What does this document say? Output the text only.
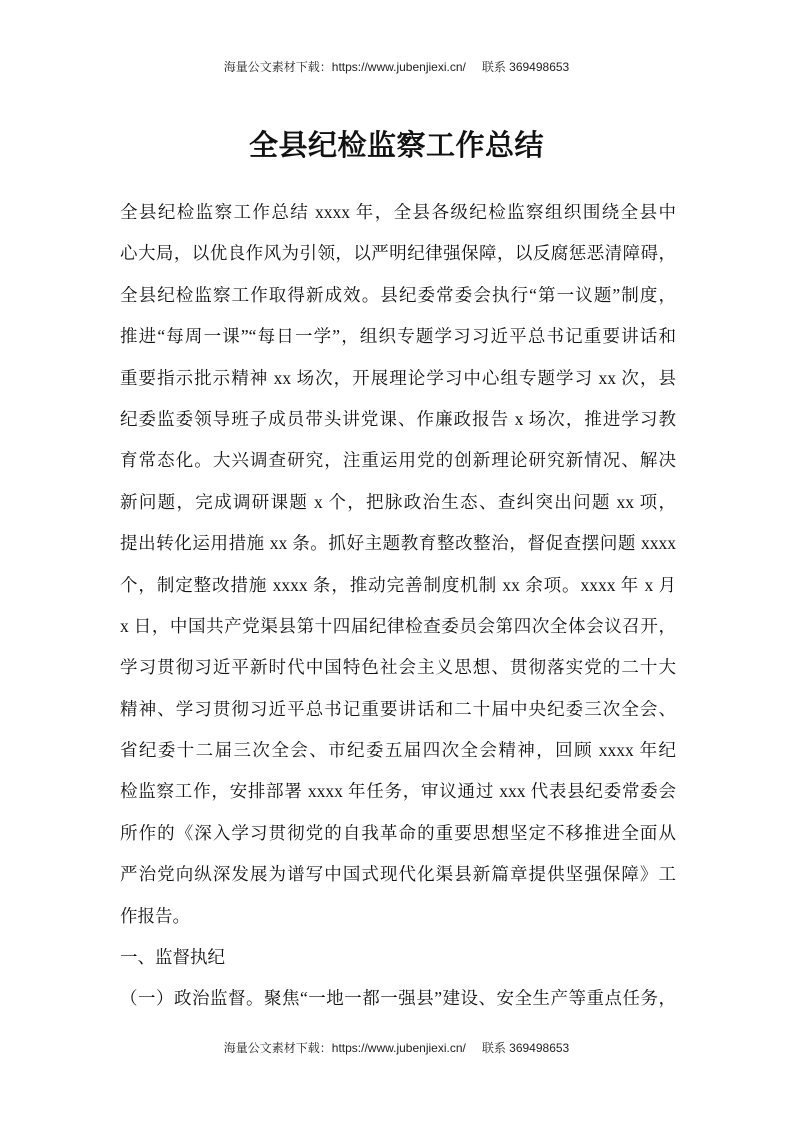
海量公文素材下载：https://www.jubenjiexi.cn/ 联系 369498653
全县纪检监察工作总结
全县纪检监察工作总结 xxxx 年，全县各级纪检监察组织围绕全县中
心大局，以优良作风为引领，以严明纪律强保障，以反腐惩恶清障碍，
全县纪检监察工作取得新成效。县纪委常委会执行“第一议题”制度，
推进“每周一课”“每日一学”，组织专题学习习近平总书记重要讲话和
重要指示批示精神 xx 场次，开展理论学习中心组专题学习 xx 次，县
纪委监委领导班子成员带头讲党课、作廉政报告 x 场次，推进学习教
育常态化。大兴调查研究，注重运用党的创新理论研究新情况、解决
新问题，完成调研课题 x 个，把脉政治生态、查纠突出问题 xx 项，
提出转化运用措施 xx 条。抓好主题教育整改整治，督促查摆问题 xxxx
个，制定整改措施 xxxx 条，推动完善制度机制 xx 余项。xxxx 年 x 月
x 日，中国共产党渠县第十四届纪律检查委员会第四次全体会议召开，
学习贯彻习近平新时代中国特色社会主义思想、贯彻落实党的二十大
精神、学习贯彻习近平总书记重要讲话和二十届中央纪委三次全会、
省纪委十二届三次全会、市纪委五届四次全会精神，回顾 xxxx 年纪
检监察工作，安排部署 xxxx 年任务，审议通过 xxx 代表县纪委常委会
所作的《深入学习贯彻党的自我革命的重要思想坚定不移推进全面从
严治党向纵深发展为谱写中国式现代化渠县新篇章提供坚强保障》工
作报告。
一、监督执纪
（一）政治监督。聚焦“一地一都一强县”建设、安全生产等重点任务，
海量公文素材下载：https://www.jubenjiexi.cn/ 联系 369498653
